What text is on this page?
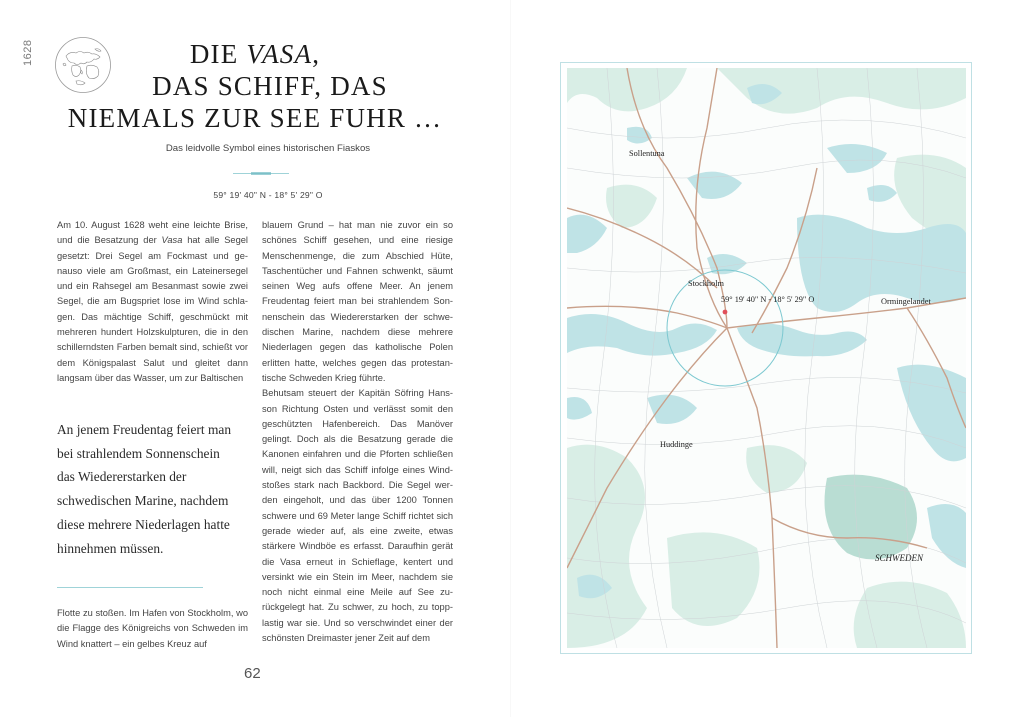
1628	DIE VASA,
DAS SCHIFF, DAS
NIEMALS ZUR SEE FUHR …
Das leidvolle Symbol eines historischen Fiaskos
59° 19' 40" N - 18° 5' 29" O

Am 10. August 1628 weht eine leichte Brise, und die Besatzung der Vasa hat alle Segel gesetzt: Drei Segel am Fockmast und genauso viele am Großmast, ein Lateinersegel und ein Rahsegel am Besanmast sowie zwei Segel, die am Bugspriet lose im Wind schlagen. Das mächtige Schiff, geschmückt mit mehreren hundert Holzskulpturen, die in den schillerndsten Farben bemalt sind, schießt vor dem Königspalast Salut und gleitet dann langsam über das Wasser, um zur Baltischen

An jenem Freudentag feiert man bei strahlendem Sonnenschein das Wiedererstarken der schwedischen Marine, nachdem diese mehrere Niederlagen hatte hinnehmen müssen.

Flotte zu stoßen. Im Hafen von Stockholm, wo die Flagge des Königreichs von Schweden im Wind knattert – ein gelbes Kreuz auf

blauem Grund – hat man nie zuvor ein so schönes Schiff gesehen, und eine riesige Menschenmenge, die zum Abschied Hüte, Taschentücher und Fahnen schwenkt, säumt seinen Weg aufs offene Meer. An jenem Freudentag feiert man bei strahlendem Sonnenschein das Wiedererstarken der schwedischen Marine, nachdem diese mehrere Niederlagen gegen das katholische Polen erlitten hatte, welches gegen das protestantische Schweden Krieg führte.

Behutsam steuert der Kapitän Söfring Hansson Richtung Osten und verlässt somit den geschützten Hafenbereich. Das Manöver gelingt. Doch als die Besatzung gerade die Kanonen einfahren und die Pforten schließen will, neigt sich das Schiff infolge eines Windstoßes stark nach Backbord. Die Segel werden eingeholt, und das über 1200 Tonnen schwere und 69 Meter lange Schiff richtet sich gerade wieder auf, als eine zweite, etwas stärkere Windböe es erfasst. Daraufhin gerät die Vasa erneut in Schieflage, kentert und versinkt wie ein Stein im Meer, nachdem sie noch nicht einmal eine Meile auf See zurückgelegt hat. Zu schwer, zu hoch, zu topplastig war sie. Und so verschwindet einer der schönsten Dreimaster jener Zeit auf dem

62
Sollentuna
Stockholm
59° 19' 40" N - 18° 5' 29" O	Ormingelandet
Huddinge
SCHWEDEN
